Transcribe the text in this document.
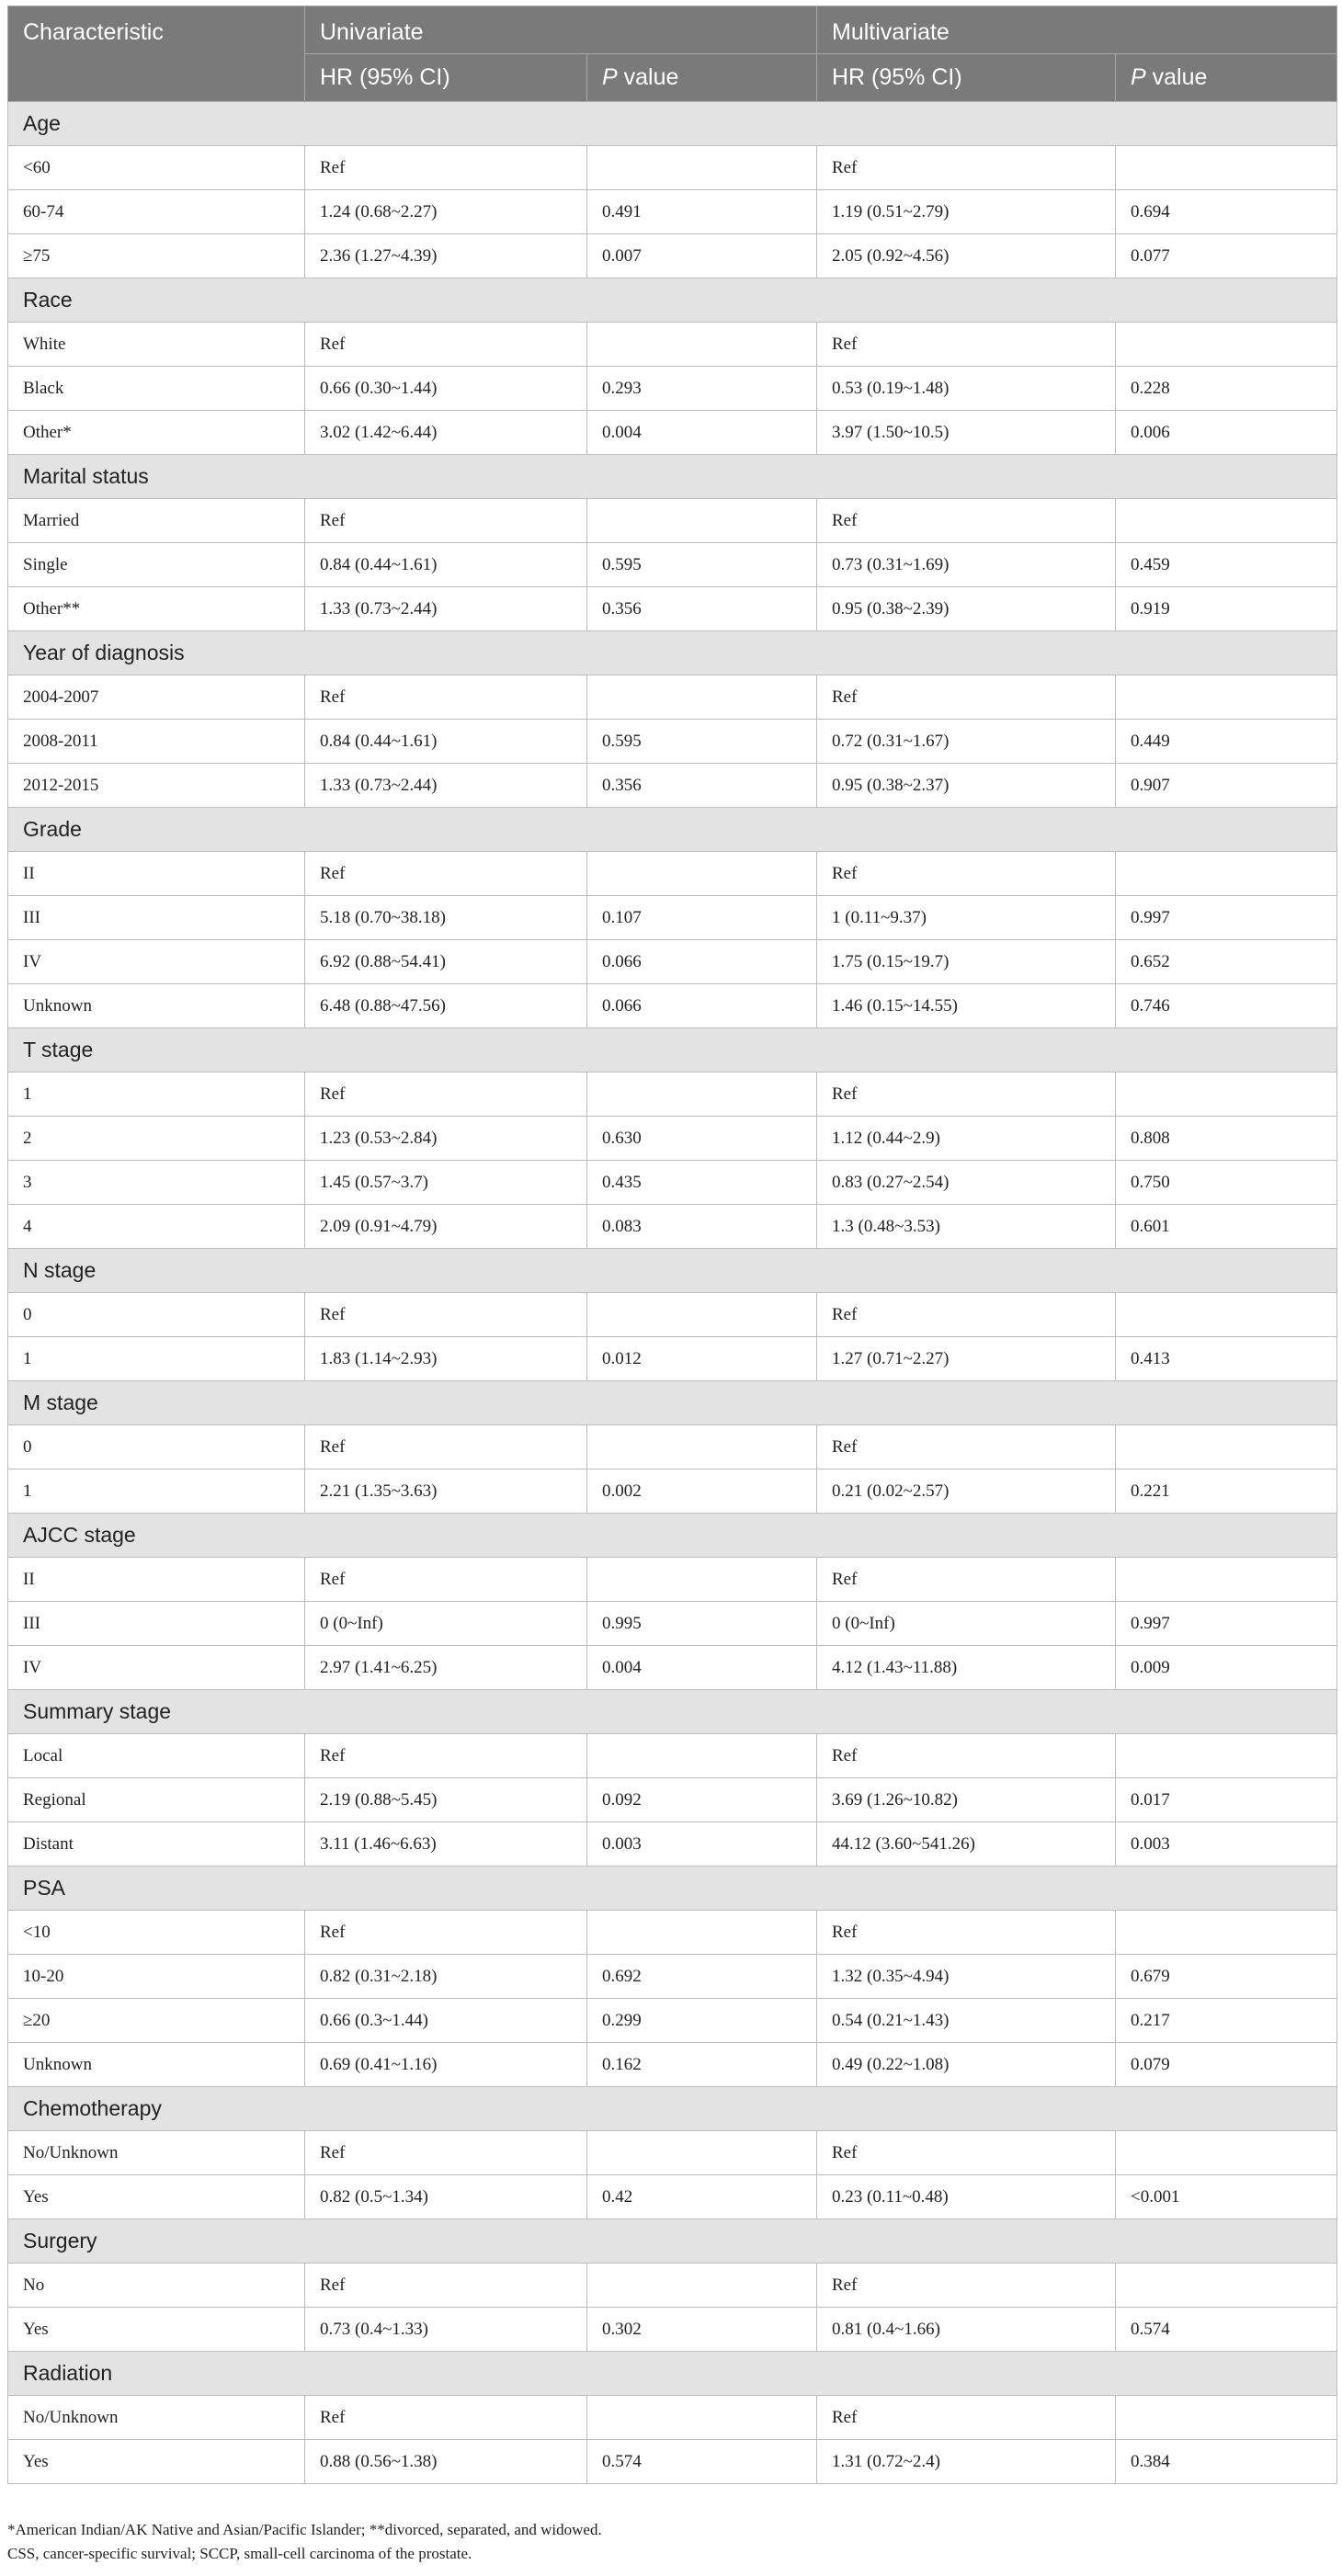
Characteristic	Univariate		Multivariate	
	HR (95% CI)	P value	HR (95% CI)	P value
Age				
<60	Ref		Ref	
60-74	1.24 (0.68~2.27)	0.491	1.19 (0.51~2.79)	0.694
≥75	2.36 (1.27~4.39)	0.007	2.05 (0.92~4.56)	0.077
Race				
White	Ref		Ref	
Black	0.66 (0.30~1.44)	0.293	0.53 (0.19~1.48)	0.228
Other*	3.02 (1.42~6.44)	0.004	3.97 (1.50~10.5)	0.006
Marital status				
Married	Ref		Ref	
Single	0.84 (0.44~1.61)	0.595	0.73 (0.31~1.69)	0.459
Other**	1.33 (0.73~2.44)	0.356	0.95 (0.38~2.39)	0.919
Year of diagnosis				
2004-2007	Ref		Ref	
2008-2011	0.84 (0.44~1.61)	0.595	0.72 (0.31~1.67)	0.449
2012-2015	1.33 (0.73~2.44)	0.356	0.95 (0.38~2.37)	0.907
Grade				
II	Ref		Ref	
III	5.18 (0.70~38.18)	0.107	1 (0.11~9.37)	0.997
IV	6.92 (0.88~54.41)	0.066	1.75 (0.15~19.7)	0.652
Unknown	6.48 (0.88~47.56)	0.066	1.46 (0.15~14.55)	0.746
T stage				
1	Ref		Ref	
2	1.23 (0.53~2.84)	0.630	1.12 (0.44~2.9)	0.808
3	1.45 (0.57~3.7)	0.435	0.83 (0.27~2.54)	0.750
4	2.09 (0.91~4.79)	0.083	1.3 (0.48~3.53)	0.601
N stage				
0	Ref		Ref	
1	1.83 (1.14~2.93)	0.012	1.27 (0.71~2.27)	0.413
M stage				
0	Ref		Ref	
1	2.21 (1.35~3.63)	0.002	0.21 (0.02~2.57)	0.221
AJCC stage				
II	Ref		Ref	
III	0 (0~Inf)	0.995	0 (0~Inf)	0.997
IV	2.97 (1.41~6.25)	0.004	4.12 (1.43~11.88)	0.009
Summary stage				
Local	Ref		Ref	
Regional	2.19 (0.88~5.45)	0.092	3.69 (1.26~10.82)	0.017
Distant	3.11 (1.46~6.63)	0.003	44.12 (3.60~541.26)	0.003
PSA				
<10	Ref		Ref	
10-20	0.82 (0.31~2.18)	0.692	1.32 (0.35~4.94)	0.679
≥20	0.66 (0.3~1.44)	0.299	0.54 (0.21~1.43)	0.217
Unknown	0.69 (0.41~1.16)	0.162	0.49 (0.22~1.08)	0.079
Chemotherapy				
No/Unknown	Ref		Ref	
Yes	0.82 (0.5~1.34)	0.42	0.23 (0.11~0.48)	<0.001
Surgery				
No	Ref		Ref	
Yes	0.73 (0.4~1.33)	0.302	0.81 (0.4~1.66)	0.574
Radiation				
No/Unknown	Ref		Ref	
Yes	0.88 (0.56~1.38)	0.574	1.31 (0.72~2.4)	0.384
*American Indian/AK Native and Asian/Pacific Islander; **divorced, separated, and widowed.
CSS, cancer-specific survival; SCCP, small-cell carcinoma of the prostate.
